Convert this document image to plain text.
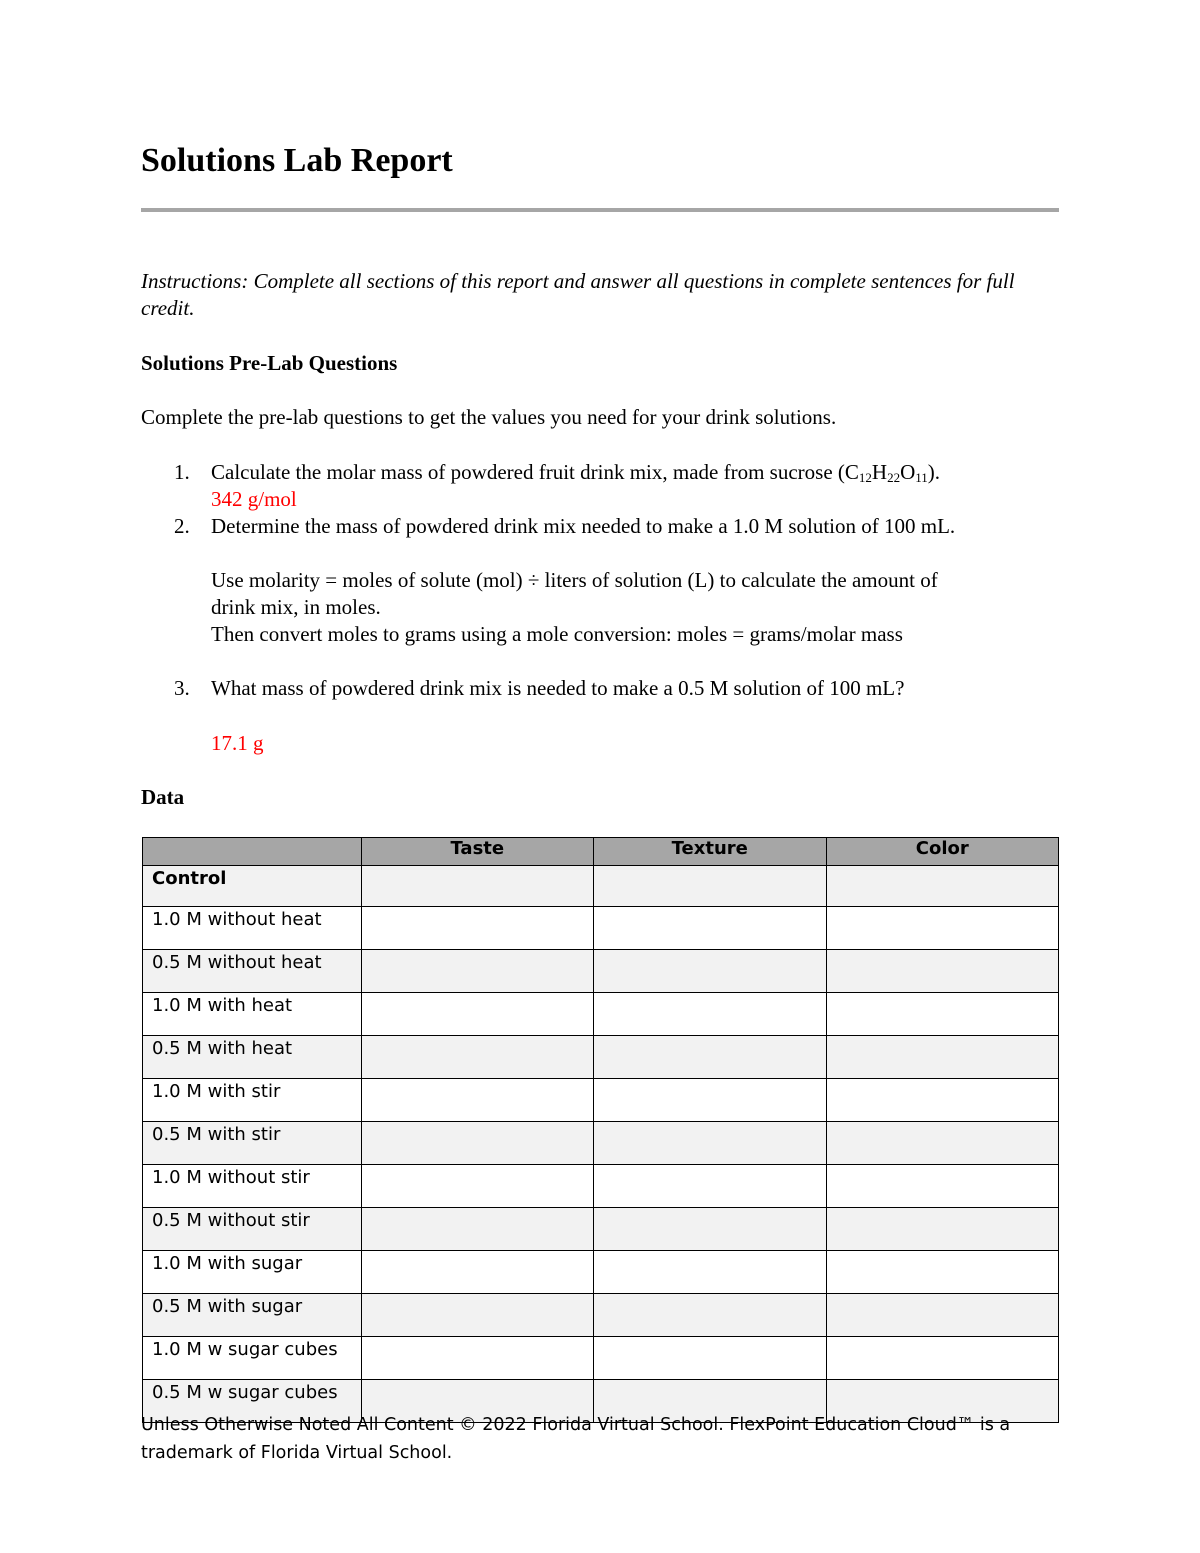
Solutions Lab Report

Instructions: Complete all sections of this report and answer all questions in complete sentences for full credit.

Solutions Pre-Lab Questions

Complete the pre-lab questions to get the values you need for your drink solutions.

1. Calculate the molar mass of powdered fruit drink mix, made from sucrose $(C_{12}H_{22}O_{11})$.

342 g/mol

2. Determine the mass of powdered drink mix needed to make a 1.0 M solution of 100 mL.

Use molarity = moles of solute (mol) ÷ liters of solution (L) to calculate the amount of

drink mix, in moles.

Then convert moles to grams using a mole conversion: moles = grams/molar mass

3. What mass of powdered drink mix is needed to make a 0.5 M solution of 100 mL?

17.1 g

Data
	Taste	Texture	Color
Control			
1.0 M without heat			
0.5 M without heat			
1.0 M with heat			
0.5 M with heat			
1.0 M with stir			
0.5 M with stir			
1.0 M without stir			
0.5 M without stir			
1.0 M with sugar			
0.5 M with sugar			
1.0 M w sugar cubes			
0.5 M w sugar cubes			

Unless Otherwise Noted All Content © 2022 Florida Virtual School. FlexPoint Education Cloud™ is a
trademark of Florida Virtual School.
